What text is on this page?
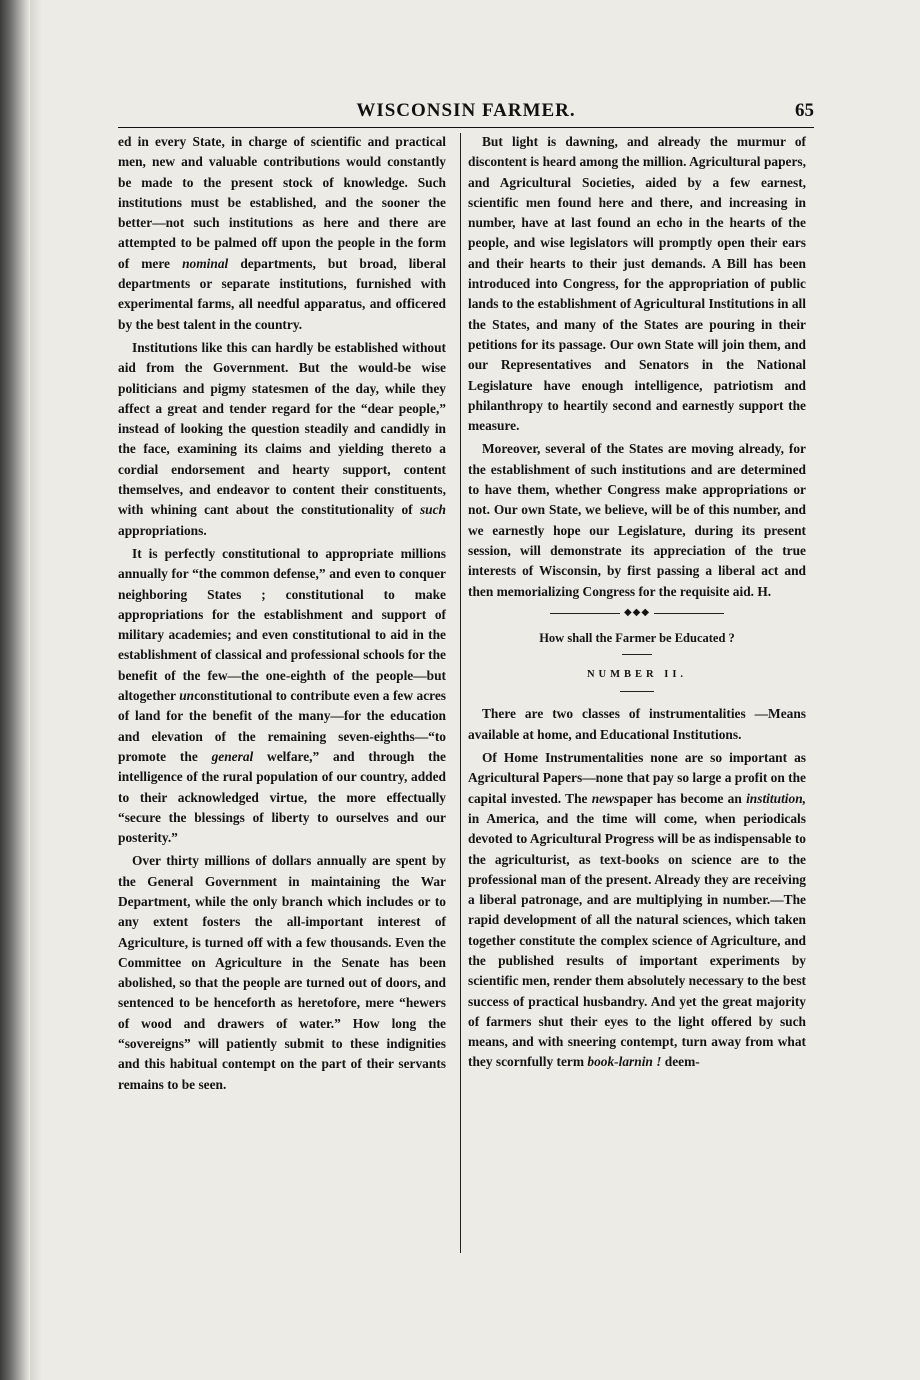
WISCONSIN FARMER.	65

ed in every State, in charge of scientific and practical men, new and valuable contributions would constantly be made to the present stock of knowledge. Such institutions must be established, and the sooner the better—not such institutions as here and there are attempted to be palmed off upon the people in the form of mere nominal departments, but broad, liberal departments or separate institutions, furnished with experimental farms, all needful apparatus, and officered by the best talent in the country.

Institutions like this can hardly be established without aid from the Government. But the would-be wise politicians and pigmy statesmen of the day, while they affect a great and tender regard for the “dear people,” instead of looking the question steadily and candidly in the face, examining its claims and yielding thereto a cordial endorsement and hearty support, content themselves, and endeavor to content their constituents, with whining cant about the constitutionality of such appropriations.

It is perfectly constitutional to appropriate millions annually for “the common defense,” and even to conquer neighboring States ; constitutional to make appropriations for the establishment and support of military academies; and even constitutional to aid in the establishment of classical and professional schools for the benefit of the few—the one-eighth of the people—but altogether unconstitutional to contribute even a few acres of land for the benefit of the many—for the education and elevation of the remaining seven-eighths—“to promote the general welfare,” and through the intelligence of the rural population of our country, added to their acknowledged virtue, the more effectually “secure the blessings of liberty to ourselves and our posterity.”

Over thirty millions of dollars annually are spent by the General Government in maintaining the War Department, while the only branch which includes or to any extent fosters the all-important interest of Agriculture, is turned off with a few thousands. Even the Committee on Agriculture in the Senate has been abolished, so that the people are turned out of doors, and sentenced to be henceforth as heretofore, mere “hewers of wood and drawers of water.” How long the “sovereigns” will patiently submit to these indignities and this habitual contempt on the part of their servants remains to be seen.

But light is dawning, and already the murmur of discontent is heard among the million. Agricultural papers, and Agricultural Societies, aided by a few earnest, scientific men found here and there, and increasing in number, have at last found an echo in the hearts of the people, and wise legislators will promptly open their ears and their hearts to their just demands. A Bill has been introduced into Congress, for the appropriation of public lands to the establishment of Agricultural Institutions in all the States, and many of the States are pouring in their petitions for its passage. Our own State will join them, and our Representatives and Senators in the National Legislature have enough intelligence, patriotism and philanthropy to heartily second and earnestly support the measure.

Moreover, several of the States are moving already, for the establishment of such institutions and are determined to have them, whether Congress make appropriations or not. Our own State, we believe, will be of this number, and we earnestly hope our Legislature, during its present session, will demonstrate its appreciation of the true interests of Wisconsin, by first passing a liberal act and then memorializing Congress for the requisite aid. H.

◆◆◆
How shall the Farmer be Educated ?
NUMBER II.

There are two classes of instrumentalities —Means available at home, and Educational Institutions.

Of Home Instrumentalities none are so important as Agricultural Papers—none that pay so large a profit on the capital invested. The newspaper has become an institution, in America, and the time will come, when periodicals devoted to Agricultural Progress will be as indispensable to the agriculturist, as text-books on science are to the professional man of the present. Already they are receiving a liberal patronage, and are multiplying in number.—The rapid development of all the natural sciences, which taken together constitute the complex science of Agriculture, and the published results of important experiments by scientific men, render them absolutely necessary to the best success of practical husbandry. And yet the great majority of farmers shut their eyes to the light offered by such means, and with sneering contempt, turn away from what they scornfully term book-larnin ! deem-
